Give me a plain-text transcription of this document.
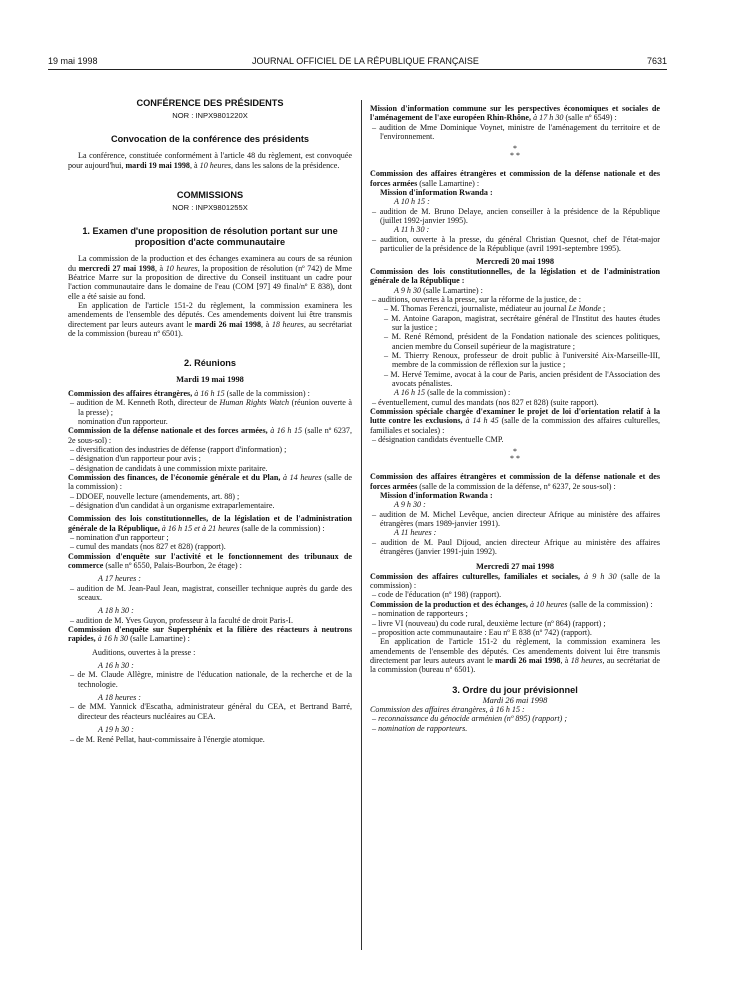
19 mai 1998	JOURNAL OFFICIEL DE LA RÉPUBLIQUE FRANÇAISE	7631

CONFÉRENCE DES PRÉSIDENTS

NOR : INPX9801220X

Convocation de la conférence des présidents

La conférence, constituée conformément à l'article 48 du règlement, est convoquée pour aujourd'hui, mardi 19 mai 1998, à 10 heures, dans les salons de la présidence.

COMMISSIONS

NOR : INPX9801255X

1. Examen d'une proposition de résolution portant sur une proposition d'acte communautaire

La commission de la production et des échanges examinera au cours de sa réunion du mercredi 27 mai 1998, à 10 heures, la proposition de résolution (nº 742) de Mme Béatrice Marre sur la proposition de directive du Conseil instituant un cadre pour l'action communautaire dans le domaine de l'eau (COM [97] 49 final/nº E 838), dont elle a été saisie au fond.

En application de l'article 151-2 du règlement, la commission examinera les amendements de l'ensemble des députés. Ces amendements doivent lui être transmis directement par leurs auteurs avant le mardi 26 mai 1998, à 18 heures, au secrétariat de la commission (bureau nº 6501).

2. Réunions

Mardi 19 mai 1998

Commission des affaires étrangères, à 16 h 15 (salle de la commission) :

– audition de M. Kenneth Roth, directeur de Human Rights Watch (réunion ouverte à la presse) ;

nomination d'un rapporteur.

Commission de la défense nationale et des forces armées, à 16 h 15 (salle nº 6237, 2e sous-sol) :

– diversification des industries de défense (rapport d'information) ;

– désignation d'un rapporteur pour avis ;

– désignation de candidats à une commission mixte paritaire.

Commission des finances, de l'économie générale et du Plan, à 14 heures (salle de la commission) :

– DDOEF, nouvelle lecture (amendements, art. 88) ;

– désignation d'un candidat à un organisme extraparlementaire.

Commission des lois constitutionnelles, de la législation et de l'administration générale de la République, à 16 h 15 et à 21 heures (salle de la commission) :

– nomination d'un rapporteur ;

– cumul des mandats (nos 827 et 828) (rapport).

Commission d'enquête sur l'activité et le fonctionnement des tribunaux de commerce (salle nº 6550, Palais-Bourbon, 2e étage) :

A 17 heures :

– audition de M. Jean-Paul Jean, magistrat, conseiller technique auprès du garde des sceaux.

A 18 h 30 :

– audition de M. Yves Guyon, professeur à la faculté de droit Paris-I.

Commission d'enquête sur Superphénix et la filière des réacteurs à neutrons rapides, à 16 h 30 (salle Lamartine) :

Auditions, ouvertes à la presse :

A 16 h 30 :

– de M. Claude Allègre, ministre de l'éducation nationale, de la recherche et de la technologie.

A 18 heures :

– de MM. Yannick d'Escatha, administrateur général du CEA, et Bertrand Barré, directeur des réacteurs nucléaires au CEA.

A 19 h 30 :

– de M. René Pellat, haut-commissaire à l'énergie atomique.

Mission d'information commune sur les perspectives économiques et sociales de l'aménagement de l'axe européen Rhin-Rhône, à 17 h 30 (salle nº 6549) :

– audition de Mme Dominique Voynet, ministre de l'aménagement du territoire et de l'environnement.

*

* *

Commission des affaires étrangères et commission de la défense nationale et des forces armées (salle Lamartine) :

Mission d'information Rwanda :

A 10 h 15 :

– audition de M. Bruno Delaye, ancien conseiller à la présidence de la République (juillet 1992-janvier 1995).

A 11 h 30 :

– audition, ouverte à la presse, du général Christian Quesnot, chef de l'état-major particulier de la présidence de la République (avril 1991-septembre 1995).

Mercredi 20 mai 1998

Commission des lois constitutionnelles, de la législation et de l'administration générale de la République :

A 9 h 30 (salle Lamartine) :

– auditions, ouvertes à la presse, sur la réforme de la justice, de :

– M. Thomas Ferenczi, journaliste, médiateur au journal Le Monde ;

– M. Antoine Garapon, magistrat, secrétaire général de l'Institut des hautes études sur la justice ;

– M. René Rémond, président de la Fondation nationale des sciences politiques, ancien membre du Conseil supérieur de la magistrature ;

– M. Thierry Renoux, professeur de droit public à l'université Aix-Marseille-III, membre de la commission de réflexion sur la justice ;

– M. Hervé Temime, avocat à la cour de Paris, ancien président de l'Association des avocats pénalistes.

A 16 h 15 (salle de la commission) :

– éventuellement, cumul des mandats (nos 827 et 828) (suite rapport).

Commission spéciale chargée d'examiner le projet de loi d'orientation relatif à la lutte contre les exclusions, à 14 h 45 (salle de la commission des affaires culturelles, familiales et sociales) :

– désignation candidats éventuelle CMP.

*

* *

Commission des affaires étrangères et commission de la défense nationale et des forces armées (salle de la commission de la défense, nº 6237, 2e sous-sol) :

Mission d'information Rwanda :

A 9 h 30 :

– audition de M. Michel Levêque, ancien directeur Afrique au ministère des affaires étrangères (mars 1989-janvier 1991).

A 11 heures :

– audition de M. Paul Dijoud, ancien directeur Afrique au ministère des affaires étrangères (janvier 1991-juin 1992).

Mercredi 27 mai 1998

Commission des affaires culturelles, familiales et sociales, à 9 h 30 (salle de la commission) :

– code de l'éducation (nº 198) (rapport).

Commission de la production et des échanges, à 10 heures (salle de la commission) :

– nomination de rapporteurs ;

– livre VI (nouveau) du code rural, deuxième lecture (nº 864) (rapport) ;

– proposition acte communautaire : Eau nº E 838 (nº 742) (rapport).

En application de l'article 151-2 du règlement, la commission examinera les amendements de l'ensemble des députés. Ces amendements doivent lui être transmis directement par leurs auteurs avant le mardi 26 mai 1998, à 18 heures, au secrétariat de la commission (bureau nº 6501).

3. Ordre du jour prévisionnel

Mardi 26 mai 1998

Commission des affaires étrangères, à 16 h 15 :

– reconnaissance du génocide arménien (nº 895) (rapport) ;

– nomination de rapporteurs.
